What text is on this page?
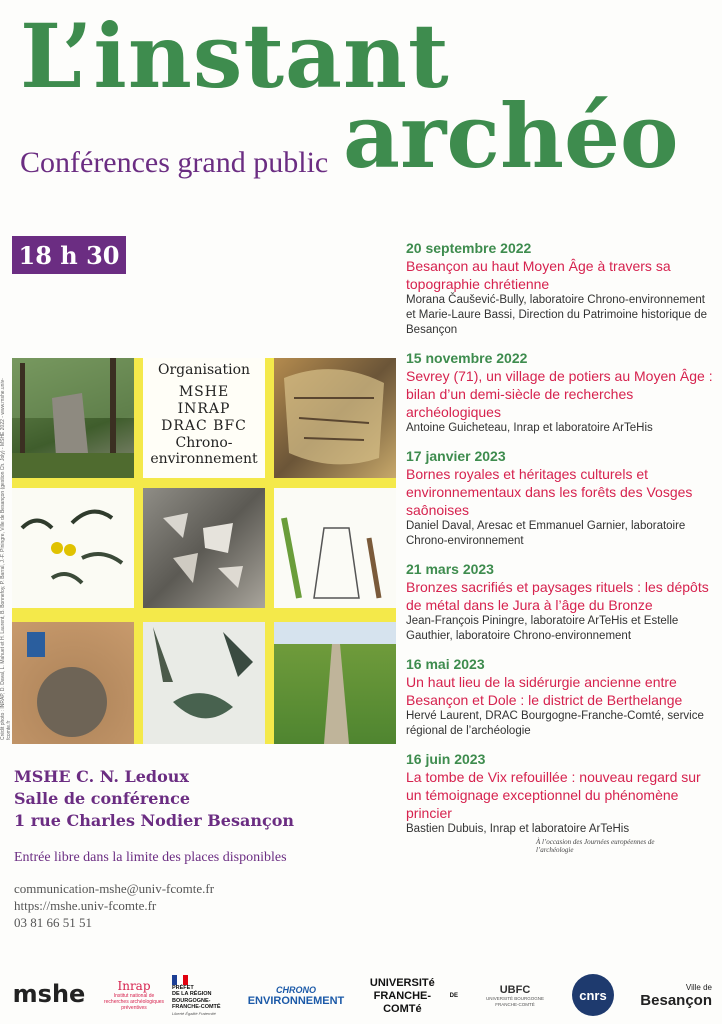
L’instant
archéo
Conférences grand public
18 h 30
Crédit photo : INRAP, D. Daval, L. Mahuet et H. Laurent, B. Bonnefoy, P. Barral, J.-F. Piningre, Ville de Besançon (gestion Ch. Joly) - MSHE 2022 - www.mshe.univ-fcomte.fr
Organisation
MSHE
INRAP
DRAC BFC
Chrono-
environnement
MSHE C. N. Ledoux
Salle de conférence
1 rue Charles Nodier Besançon
Entrée libre dans la limite des places disponibles
communication-mshe@univ-fcomte.fr
https://mshe.univ-fcomte.fr
03 81 66 51 51
20 septembre 2022
Besançon au haut Moyen Âge à travers sa topographie chrétienne
Morana Čaušević-Bully, laboratoire Chrono-environnement et Marie-Laure Bassi, Direction du Patrimoine historique de Besançon
15 novembre 2022
Sevrey (71), un village de potiers au Moyen Âge : bilan d’un demi-siècle de recherches archéologiques
Antoine Guicheteau, Inrap et laboratoire ArTeHis
17 janvier 2023
Bornes royales et héritages culturels et environnementaux dans les forêts des Vosges saônoises
Daniel Daval, Aresac et Emmanuel Garnier, laboratoire Chrono-environnement
21 mars 2023
Bronzes sacrifiés et paysages rituels : les dépôts de métal dans le Jura à l’âge du Bronze
Jean-François Piningre, laboratoire ArTeHis et Estelle Gauthier, laboratoire Chrono-environnement
16 mai 2023
Un haut lieu de la sidérurgie ancienne entre Besançon et Dole : le district de Berthelange
Hervé Laurent, DRAC Bourgogne-Franche-Comté, service régional de l’archéologie
16 juin 2023
La tombe de Vix refouillée : nouveau regard sur un témoignage exceptionnel du phénomène princier
Bastien Dubuis, Inrap et laboratoire ArTeHis
À l’occasion des Journées européennes de l’archéologie
mshe	Inrap
Institut national de recherches archéologiques préventives
PRÉFET
DE LA RÉGION
BOURGOGNE-
FRANCHE-COMTÉ
Liberté Égalité Fraternité
CHRONO
ENVIRONNEMENT
UNIVERSITé
FRANCHE-COMTé
DE	UBFC
UNIVERSITÉ BOURGOGNE FRANCHE-COMTÉ
cnrs	Ville de
Besançon
